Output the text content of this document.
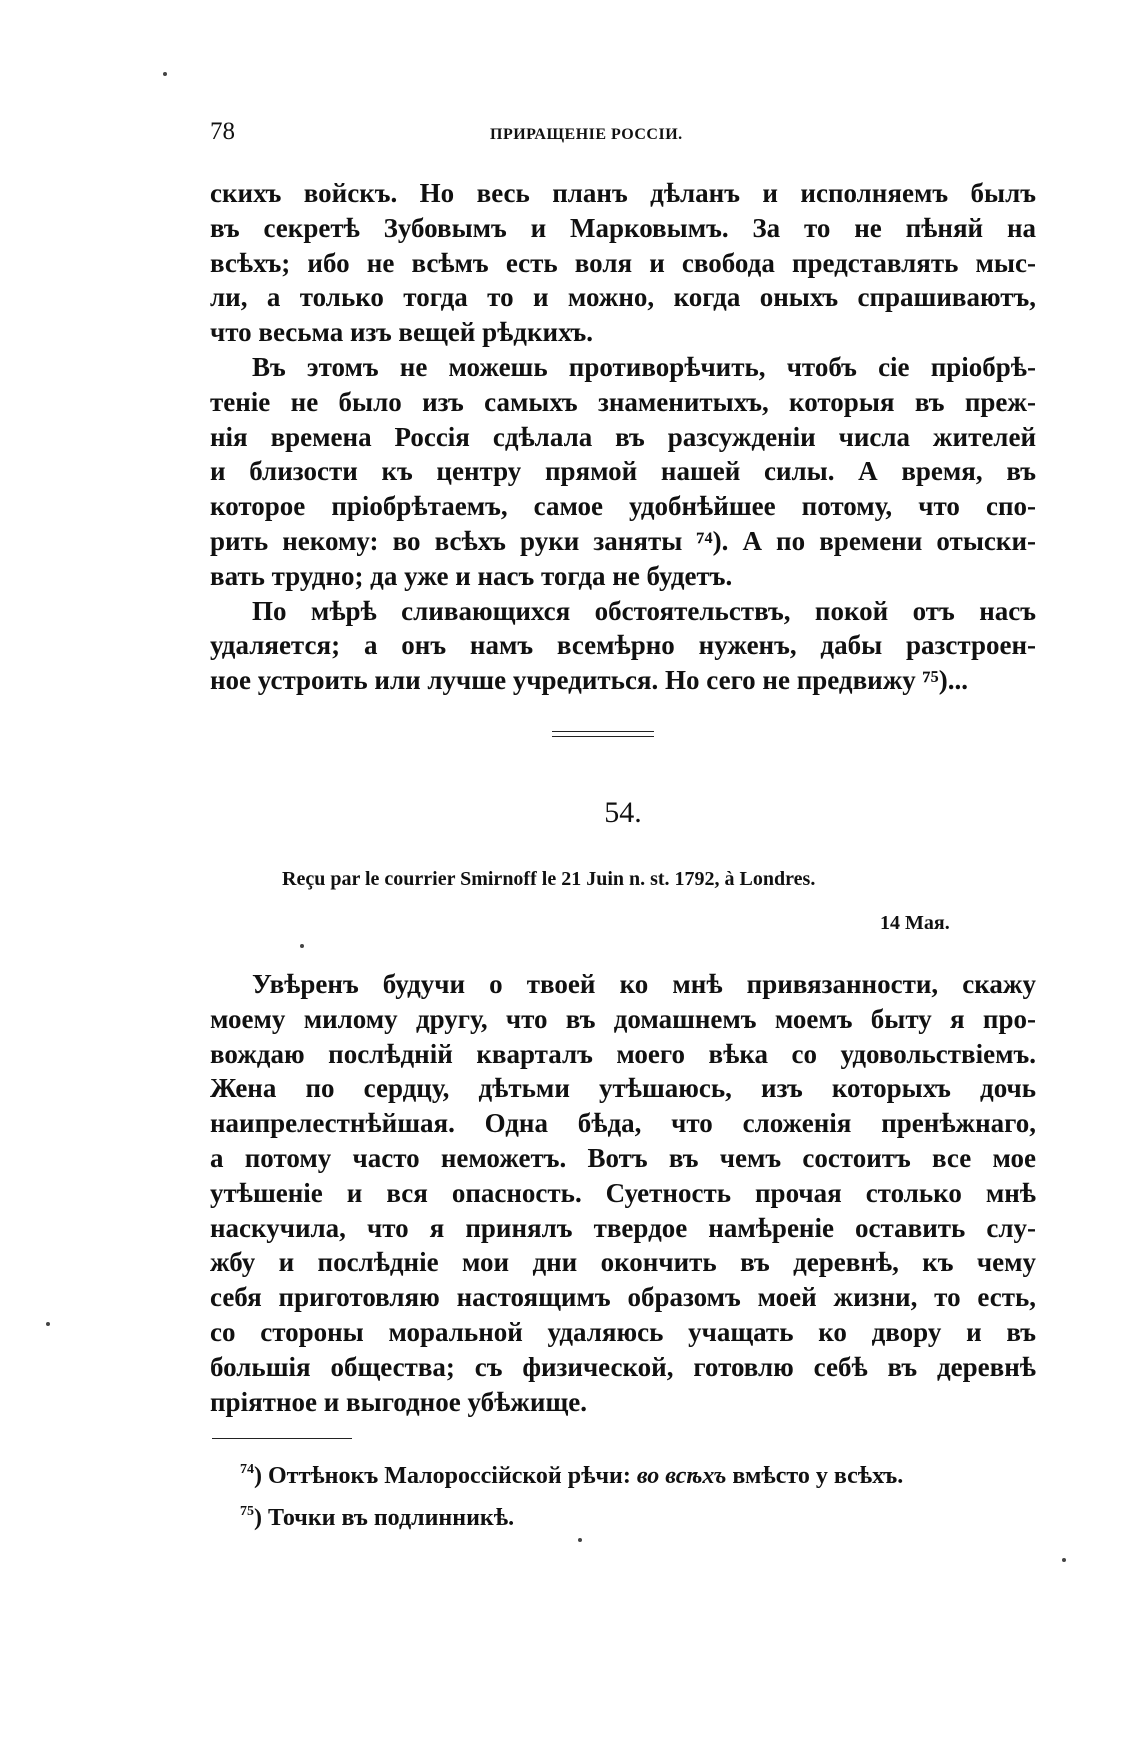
78	ПРИРАЩЕНІЕ РОССІИ.

скихъ войскъ. Но весь планъ дѣланъ и исполняемъ былъ
въ секретѣ Зубовымъ и Марковымъ. За то не пѣняй на
всѣхъ; ибо не всѣмъ есть воля и свобода представлять мыс-
ли, а только тогда то и можно, когда оныхъ спрашиваютъ,
что весьма изъ вещей рѣдкихъ.

Въ этомъ не можешь противорѣчить, чтобъ сіе пріобрѣ-
теніе не было изъ самыхъ знаменитыхъ, которыя въ преж-
нія времена Россія сдѣлала въ разсужденіи числа жителей
и близости къ центру прямой нашей силы. А время, въ
которое пріобрѣтаемъ, самое удобнѣйшее потому, что спо-
рить некому: во всѣхъ руки заняты ⁷⁴). А по времени отыски-
вать трудно; да уже и насъ тогда не будетъ.

По мѣрѣ сливающихся обстоятельствъ, покой отъ насъ
удаляется; а онъ намъ всемѣрно нуженъ, дабы разстроен-
ное устроить или лучше учредиться. Но сего не предвижу ⁷⁵)...

54.
Reçu par le courrier Smirnoff le 21 Juin n. st. 1792, à Londres.
14 Мая.

Увѣренъ будучи о твоей ко мнѣ привязанности, скажу
моему милому другу, что въ домашнемъ моемъ быту я про-
вождаю послѣдній кварталъ моего вѣка со удовольствіемъ.
Жена по сердцу, дѣтьми утѣшаюсь, изъ которыхъ дочь
наипрелестнѣйшая. Одна бѣда, что сложенія пренѣжнаго,
а потому часто неможетъ. Вотъ въ чемъ состоитъ все мое
утѣшеніе и вся опасность. Суетность прочая столько мнѣ
наскучила, что я принялъ твердое намѣреніе оставить слу-
жбу и послѣдніе мои дни окончить въ деревнѣ, къ чему
себя приготовляю настоящимъ образомъ моей жизни, то есть,
со стороны моральной удаляюсь учащать ко двору и въ
большія общества; съ физической, готовлю себѣ въ деревнѣ
пріятное и выгодное убѣжище.

$^{74}$) Оттѣнокъ Малороссійской рѣчи: во всѣхъ вмѣсто у всѣхъ.
$^{75}$) Точки въ подлинникѣ.
